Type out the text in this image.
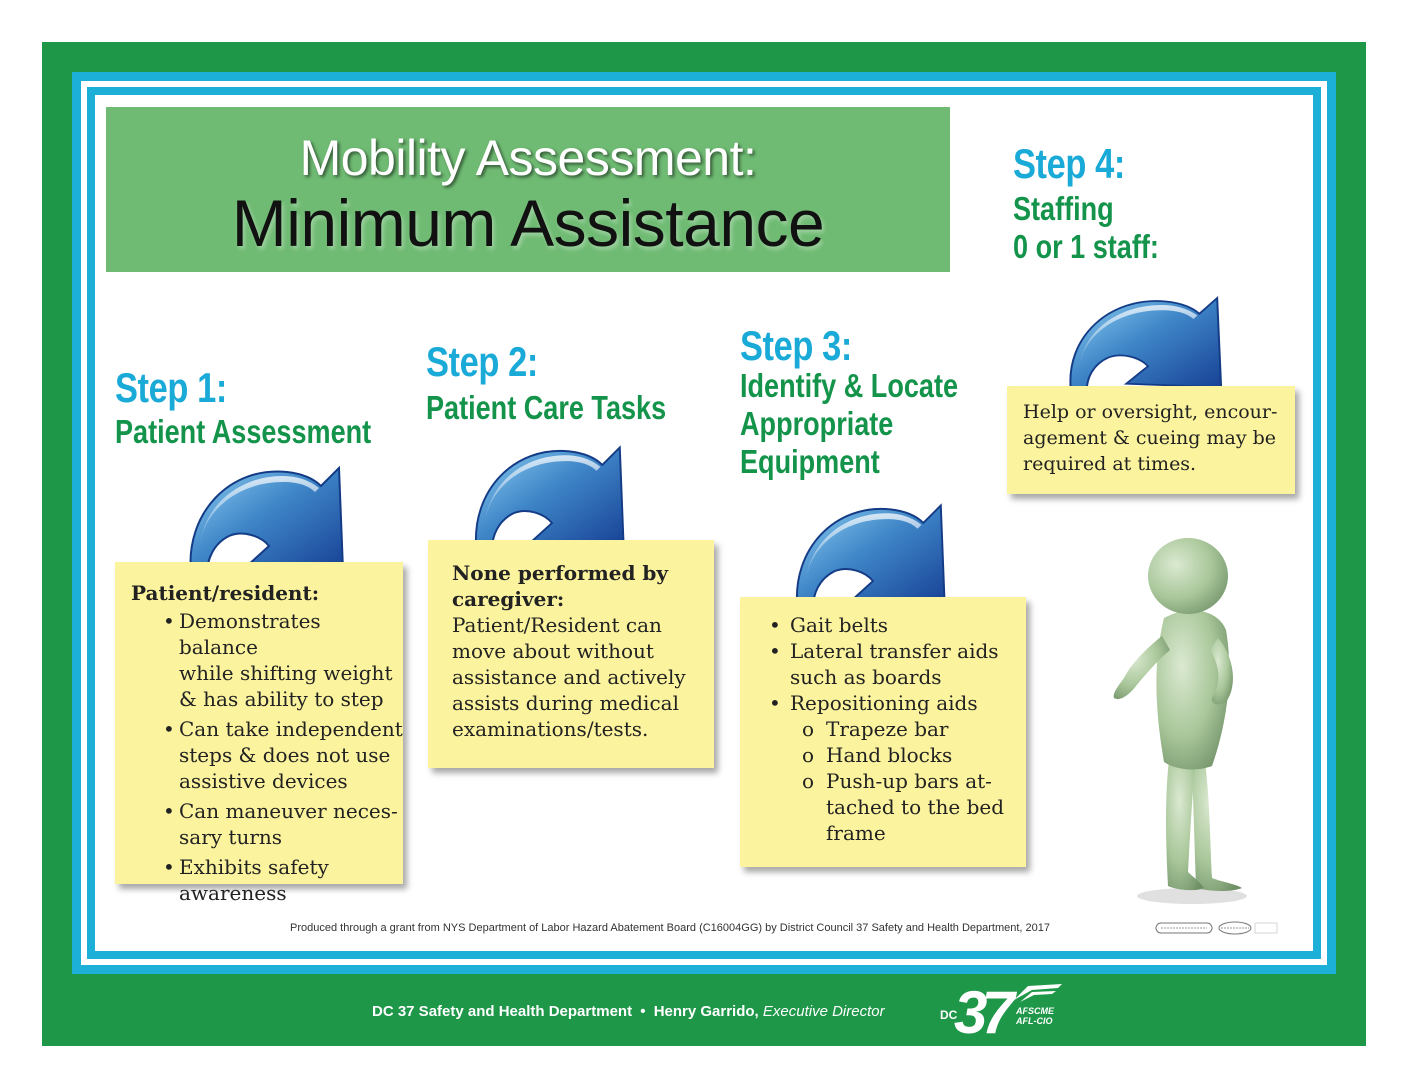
Mobility Assessment:
Minimum Assistance
Step 1:
Patient Assessment
Patient/resident:
• Demonstrates balance
while shifting weight
& has ability to step
• Can take independent
steps & does not use
assistive devices
• Can maneuver neces-
sary turns
• Exhibits safety
awareness
Step 2:
Patient Care Tasks
None performed by
caregiver:
Patient/Resident can
move about without
assistance and actively
assists during medical
examinations/tests.
Step 3:
Identify & Locate
Appropriate
Equipment
• Gait belts
• Lateral transfer aids
such as boards
• Repositioning aids
o Trapeze bar
o Hand blocks
o Push-up bars at-
tached to the bed
frame
Step 4:
Staffing
0 or 1 staff:
Help or oversight, encour-
agement & cueing may be
required at times.
Produced through a grant from NYS Department of Labor Hazard Abatement Board (C16004GG) by District Council 37 Safety and Health Department, 2017
DC 37 Safety and Health Department • Henry Garrido, Executive Director	DC
37 AFSCME
AFL-CIO
